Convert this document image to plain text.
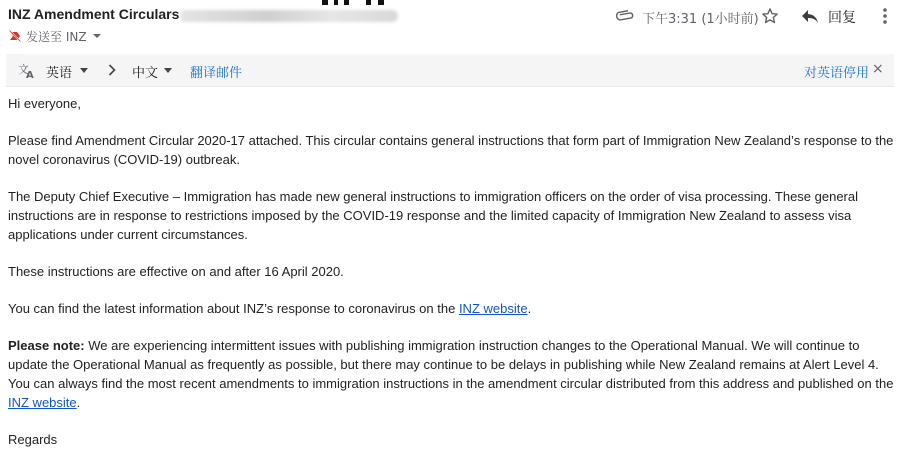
INZ Amendment Circulars	下午3:31 (1小时前)	回复
发送至 INZ
文
A 英语	中文 翻译邮件	对英语停用 ×

Hi everyone,

Please find Amendment Circular 2020-17 attached. This circular contains general instructions that form part of Immigration New Zealand’s response to the novel coronavirus (COVID-19) outbreak.

The Deputy Chief Executive – Immigration has made new general instructions to immigration officers on the order of visa processing. These general instructions are in response to restrictions imposed by the COVID-19 response and the limited capacity of Immigration New Zealand to assess visa applications under current circumstances.

These instructions are effective on and after 16 April 2020.

You can find the latest information about INZ’s response to coronavirus on the INZ website.

Please note: We are experiencing intermittent issues with publishing immigration instruction changes to the Operational Manual. We will continue to update the Operational Manual as frequently as possible, but there may continue to be delays in publishing while New Zealand remains at Alert Level 4. You can always find the most recent amendments to immigration instructions in the amendment circular distributed from this address and published on the INZ website.

Regards
